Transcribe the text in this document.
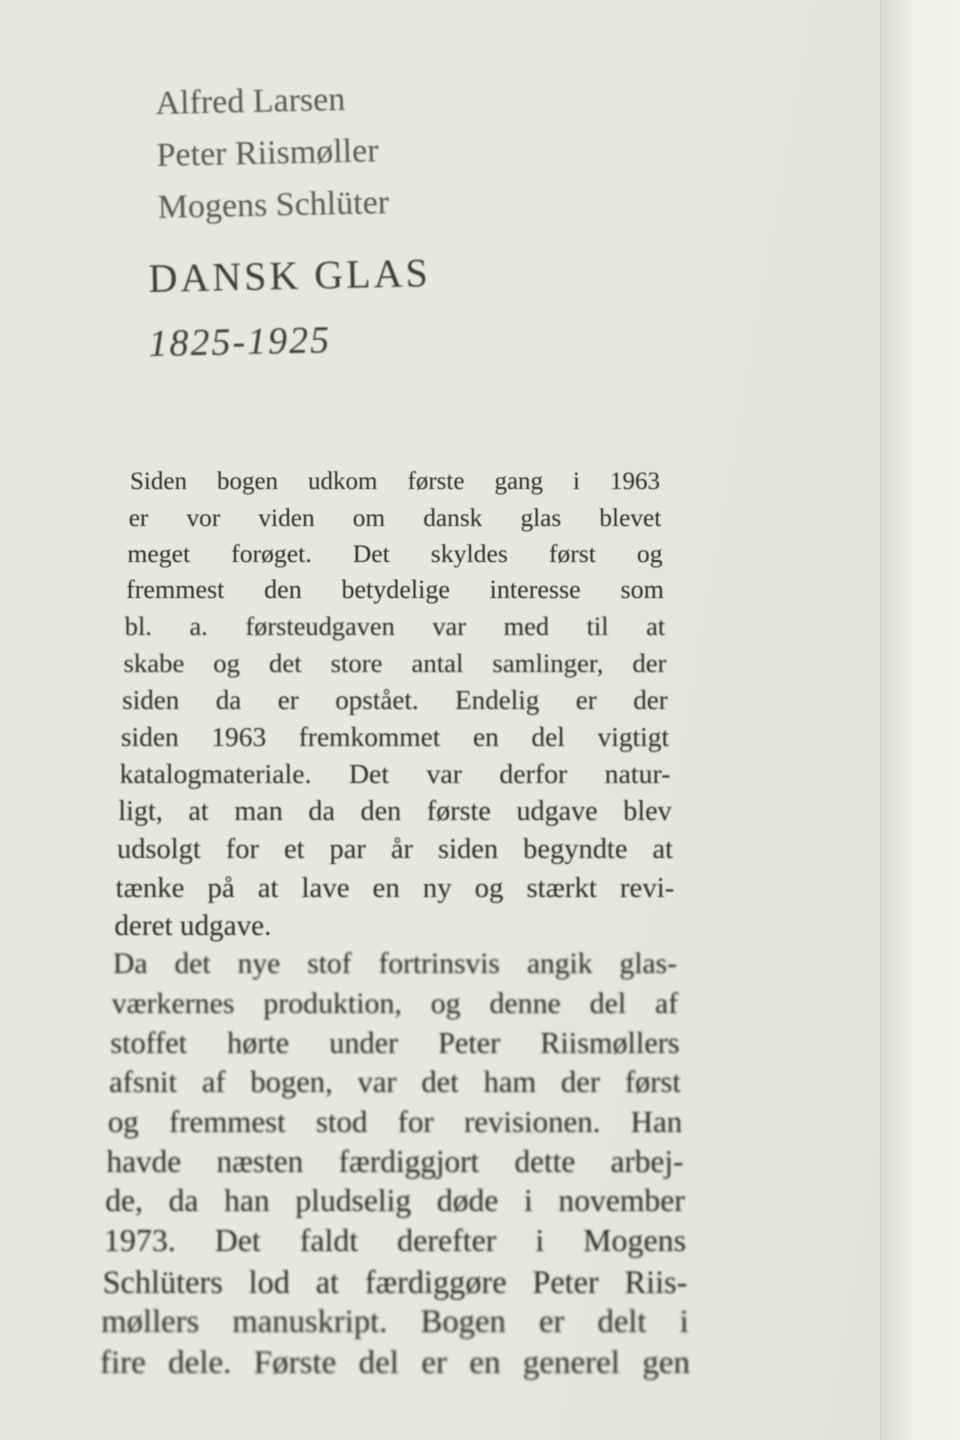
Alfred Larsen
Peter Riismøller
Mogens Schlüter
DANSK GLAS
1825-1925
Siden bogen udkom første gang i 1963
er vor viden om dansk glas blevet
meget forøget. Det skyldes først og
fremmest den betydelige interesse som
bl. a. førsteudgaven var med til at
skabe og det store antal samlinger, der
siden da er opstået. Endelig er der
siden 1963 fremkommet en del vigtigt
katalogmateriale. Det var derfor natur-
ligt, at man da den første udgave blev
udsolgt for et par år siden begyndte at
tænke på at lave en ny og stærkt revi-
deret udgave.
Da det nye stof fortrinsvis angik glas-
værkernes produktion, og denne del af
stoffet hørte under Peter Riismøllers
afsnit af bogen, var det ham der først
og fremmest stod for revisionen. Han
havde næsten færdiggjort dette arbej-
de, da han pludselig døde i november
1973. Det faldt derefter i Mogens
Schlüters lod at færdiggøre Peter Riis-
møllers manuskript. Bogen er delt i
fire dele. Første del er en generel gen
